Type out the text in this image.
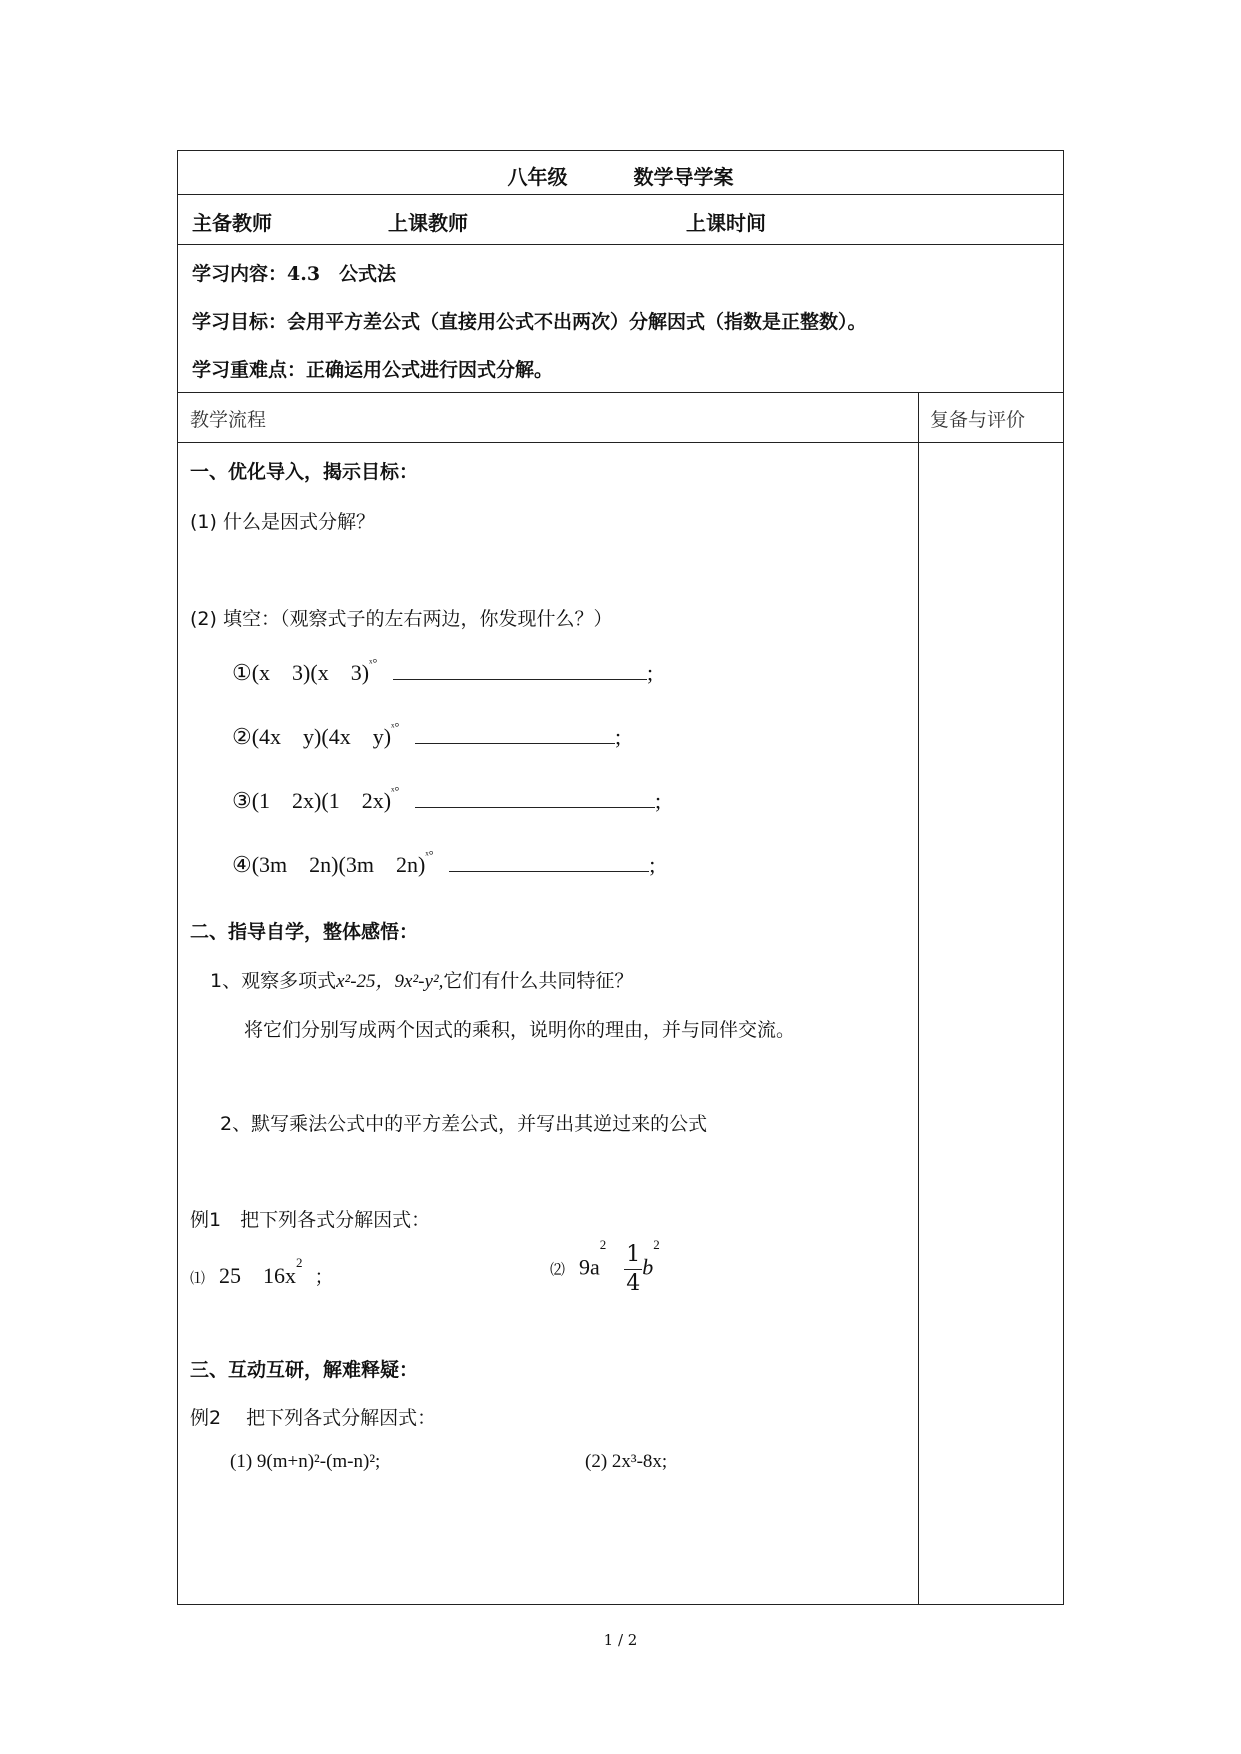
八年级	数学导学案
主备教师	上课教师	上课时间
学习内容：4.3　公式法
学习目标：会用平方差公式（直接用公式不出两次）分解因式（指数是正整数）。
学习重难点：正确运用公式进行因式分解。
教学流程	复备与评价
一、优化导入，揭示目标：
(1) 什么是因式分解？
(2) 填空：（观察式子的左右两边，你发现什么？）
①(x　3)(x　3)$^{ˣ^\circ}$	;
②(4x　y)(4x　y)$^{ˣ^\circ}$	;
③(1　2x)(1　2x)$^{ˣ^\circ}$	;
④(3m　2n)(3m　2n)$^{ˣ^\circ}$	;
二、指导自学，整体感悟：
1、观察多项式x²-25，9x²-y²,它们有什么共同特征？
将它们分别写成两个因式的乘积，说明你的理由，并与同伴交流。
2、默写乘法公式中的平方差公式，并写出其逆过来的公式
例1　把下列各式分解因式：
⑴ 25　$16x^2$；	⑵ $9a^2 \frac{1}{4} b^2$
三、互动互研，解难释疑：
例2　 把下列各式分解因式：
(1) 9(m+n)²-(m-n)²;	(2) 2x³-8x;
1 / 2
